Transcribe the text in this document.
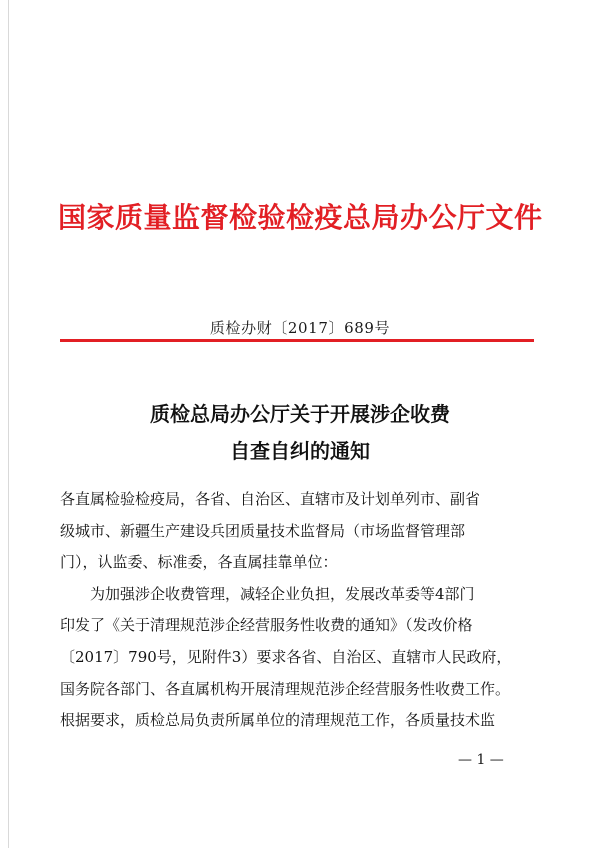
国家质量监督检验检疫总局办公厅文件
质检办财〔2017〕689号
质检总局办公厅关于开展涉企收费
自查自纠的通知

各直属检验检疫局，各省、自治区、直辖市及计划单列市、副省

级城市、新疆生产建设兵团质量技术监督局（市场监督管理部

门），认监委、标准委，各直属挂靠单位：

为加强涉企收费管理，减轻企业负担，发展改革委等4部门

印发了《关于清理规范涉企经营服务性收费的通知》（发改价格

〔2017〕790号，见附件3）要求各省、自治区、直辖市人民政府，

国务院各部门、各直属机构开展清理规范涉企经营服务性收费工作。

根据要求，质检总局负责所属单位的清理规范工作，各质量技术监

— 1 —
